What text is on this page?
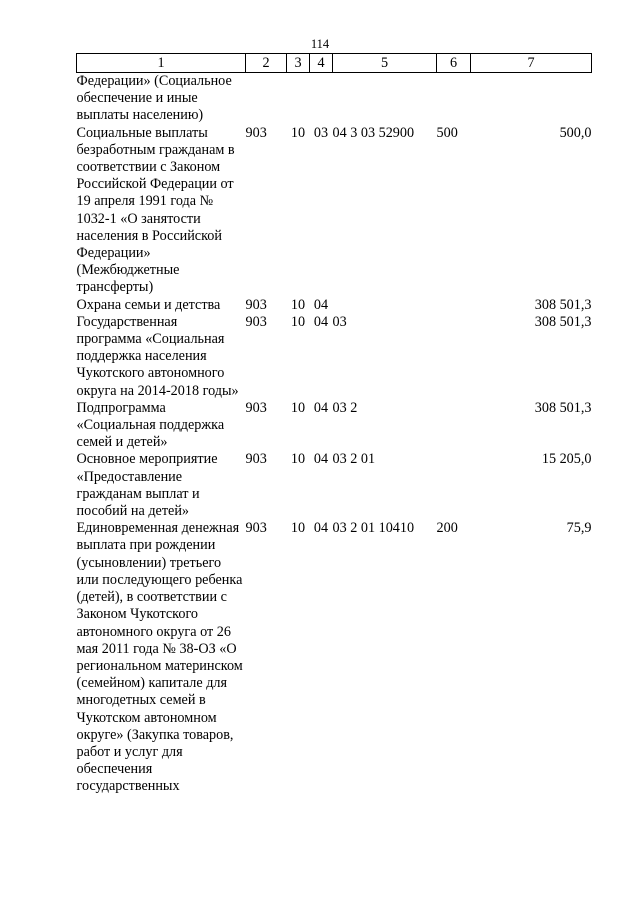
114
1	2	3	4	5	6	7
Федерации» (Социальное обеспечение и иные выплаты населению)						
Социальные выплаты безработным гражданам в соответствии с Законом Российской Федерации от 19 апреля 1991 года № 1032-1 «О занятости населения в Российской Федерации» (Межбюджетные трансферты)	903	10	03	04 3 03 52900	500	500,0
Охрана семьи и детства	903	10	04			308 501,3
Государственная программа «Социальная поддержка населения Чукотского автономного округа на 2014-2018 годы»	903	10	04	03		308 501,3
Подпрограмма «Социальная поддержка семей и детей»	903	10	04	03 2		308 501,3
Основное мероприятие «Предоставление гражданам выплат и пособий на детей»	903	10	04	03 2 01		15 205,0
Единовременная денежная выплата при рождении (усыновлении) третьего или последующего ребенка (детей), в соответствии с Законом Чукотского автономного округа от 26 мая 2011 года № 38-ОЗ «О региональном материнском (семейном) капитале для многодетных семей в Чукотском автономном округе» (Закупка товаров, работ и услуг для обеспечения государственных	903	10	04	03 2 01 10410	200	75,9
